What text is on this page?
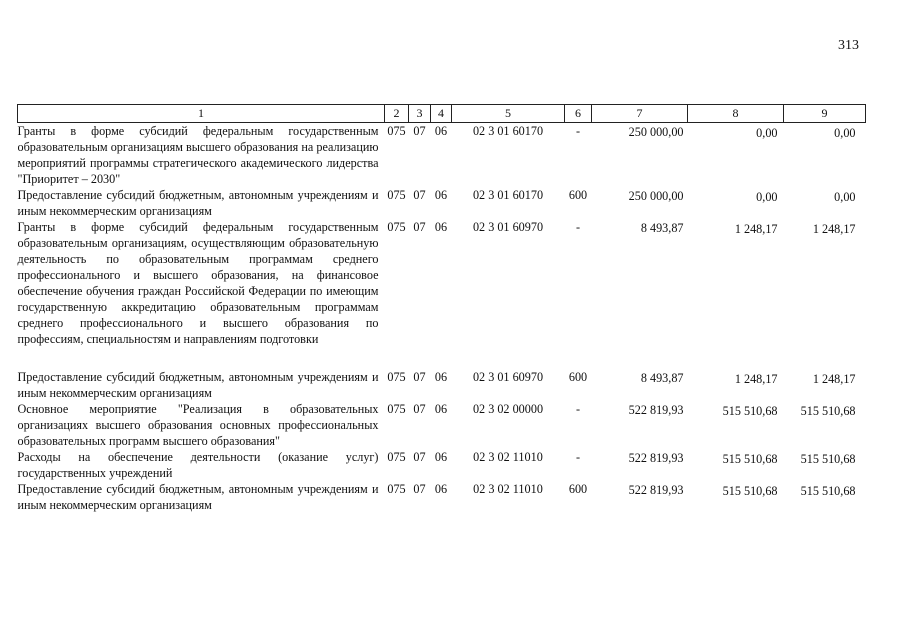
313
1	2	3	4	5	6	7	8	9
Гранты в форме субсидий федеральным государственным образовательным организациям высшего образования на реализацию мероприятий программы стратегического академического лидерства "Приоритет – 2030"	075	07	06	02 3 01 60170	-	250 000,00	0,00	0,00
Предоставление субсидий бюджетным, автономным учреждениям и иным некоммерческим организациям	075	07	06	02 3 01 60170	600	250 000,00	0,00	0,00
Гранты в форме субсидий федеральным государственным образовательным организациям, осуществляющим образовательную деятельность по образовательным программам среднего профессионального и высшего образования, на финансовое обеспечение обучения граждан Российской Федерации по имеющим государственную аккредитацию образовательным программам среднего профессионального и высшего образования по профессиям, специальностям и направлениям подготовки	075	07	06	02 3 01 60970	-	8 493,87	1 248,17	1 248,17

Предоставление субсидий бюджетным, автономным учреждениям и иным некоммерческим организациям	075	07	06	02 3 01 60970	600	8 493,87	1 248,17	1 248,17
Основное мероприятие "Реализация в образовательных организациях высшего образования основных профессиональных образовательных программ высшего образования"	075	07	06	02 3 02 00000	-	522 819,93	515 510,68	515 510,68
Расходы на обеспечение деятельности (оказание услуг) государственных учреждений	075	07	06	02 3 02 11010	-	522 819,93	515 510,68	515 510,68
Предоставление субсидий бюджетным, автономным учреждениям и иным некоммерческим организациям	075	07	06	02 3 02 11010	600	522 819,93	515 510,68	515 510,68
